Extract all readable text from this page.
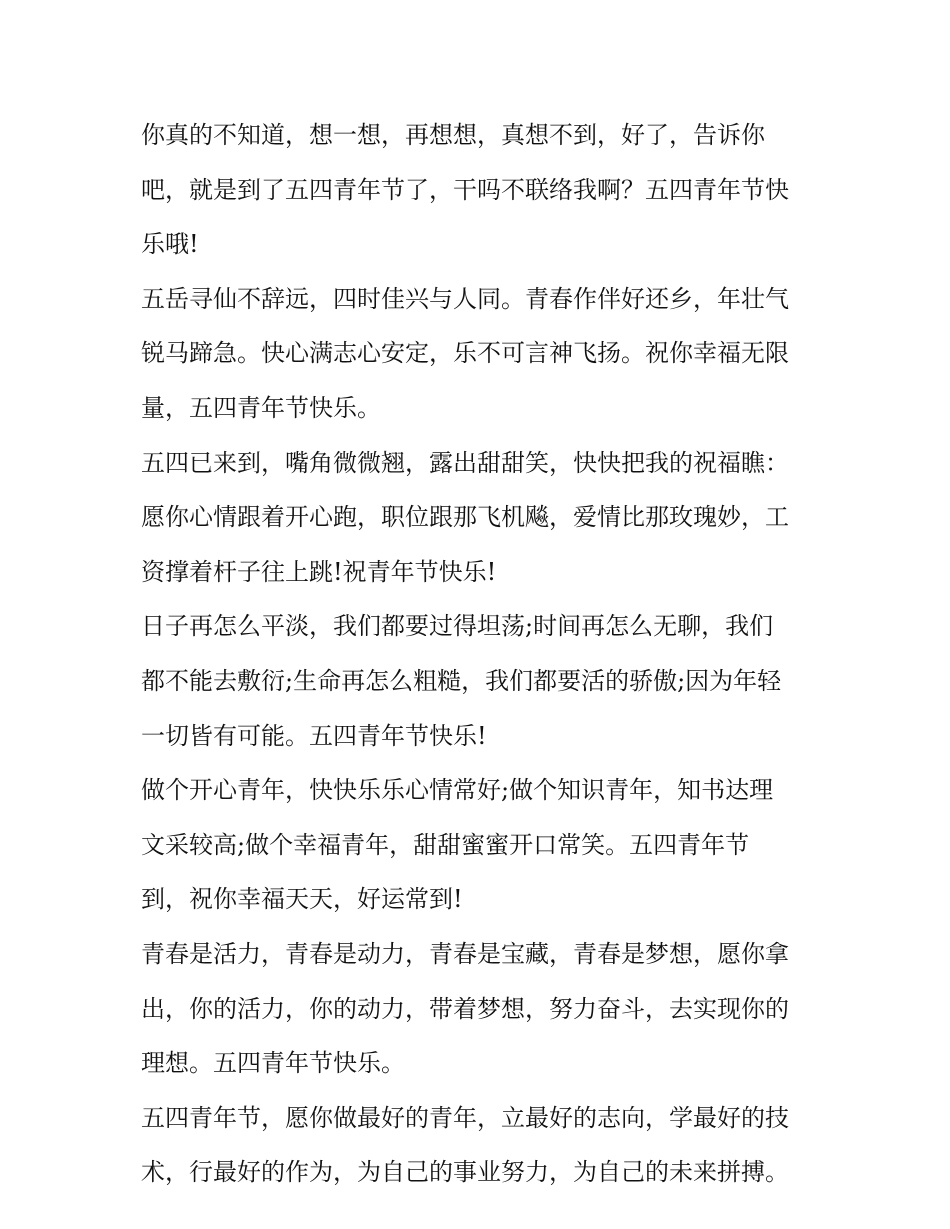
你真的不知道，想一想，再想想，真想不到，好了，告诉你
吧，就是到了五四青年节了，干吗不联络我啊？五四青年节快
乐哦!
五岳寻仙不辞远，四时佳兴与人同。青春作伴好还乡，年壮气
锐马蹄急。快心满志心安定，乐不可言神飞扬。祝你幸福无限
量，五四青年节快乐。
五四已来到，嘴角微微翘，露出甜甜笑，快快把我的祝福瞧：
愿你心情跟着开心跑，职位跟那飞机飚，爱情比那玫瑰妙，工
资撑着杆子往上跳!祝青年节快乐!
日子再怎么平淡，我们都要过得坦荡;时间再怎么无聊，我们
都不能去敷衍;生命再怎么粗糙，我们都要活的骄傲;因为年轻
一切皆有可能。五四青年节快乐!
做个开心青年，快快乐乐心情常好;做个知识青年，知书达理
文采较高;做个幸福青年，甜甜蜜蜜开口常笑。五四青年节
到，祝你幸福天天，好运常到!
青春是活力，青春是动力，青春是宝藏，青春是梦想，愿你拿
出，你的活力，你的动力，带着梦想，努力奋斗，去实现你的
理想。五四青年节快乐。
五四青年节，愿你做最好的青年，立最好的志向，学最好的技
术，行最好的作为，为自己的事业努力，为自己的未来拼搏。
